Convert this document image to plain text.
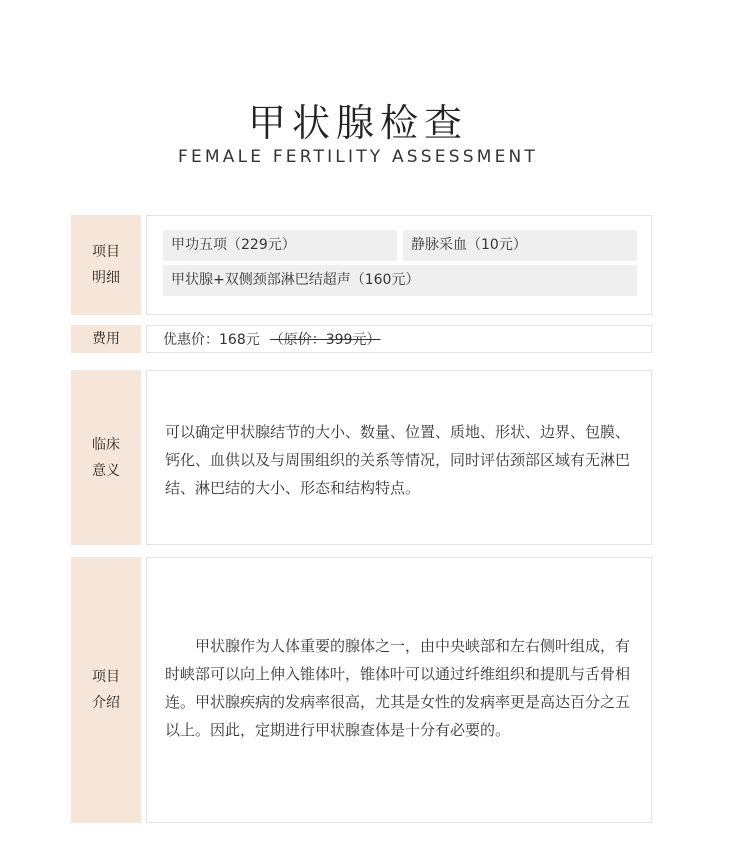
甲状腺检查
FEMALE FERTILITY ASSESSMENT
项目
明细
甲功五项（229元）	静脉采血（10元）
甲状腺+双侧颈部淋巴结超声（160元）
费用	优惠价：168元 （原价：399元）
临床
意义
可以确定甲状腺结节的大小、数量、位置、质地、形状、边界、包膜、钙化、血供以及与周围组织的关系等情况，同时评估颈部区域有无淋巴结、淋巴结的大小、形态和结构特点。
项目
介绍
甲状腺作为人体重要的腺体之一，由中央峡部和左右侧叶组成，有时峡部可以向上伸入锥体叶，锥体叶可以通过纤维组织和提肌与舌骨相连。甲状腺疾病的发病率很高，尤其是女性的发病率更是高达百分之五以上。因此，定期进行甲状腺查体是十分有必要的。
